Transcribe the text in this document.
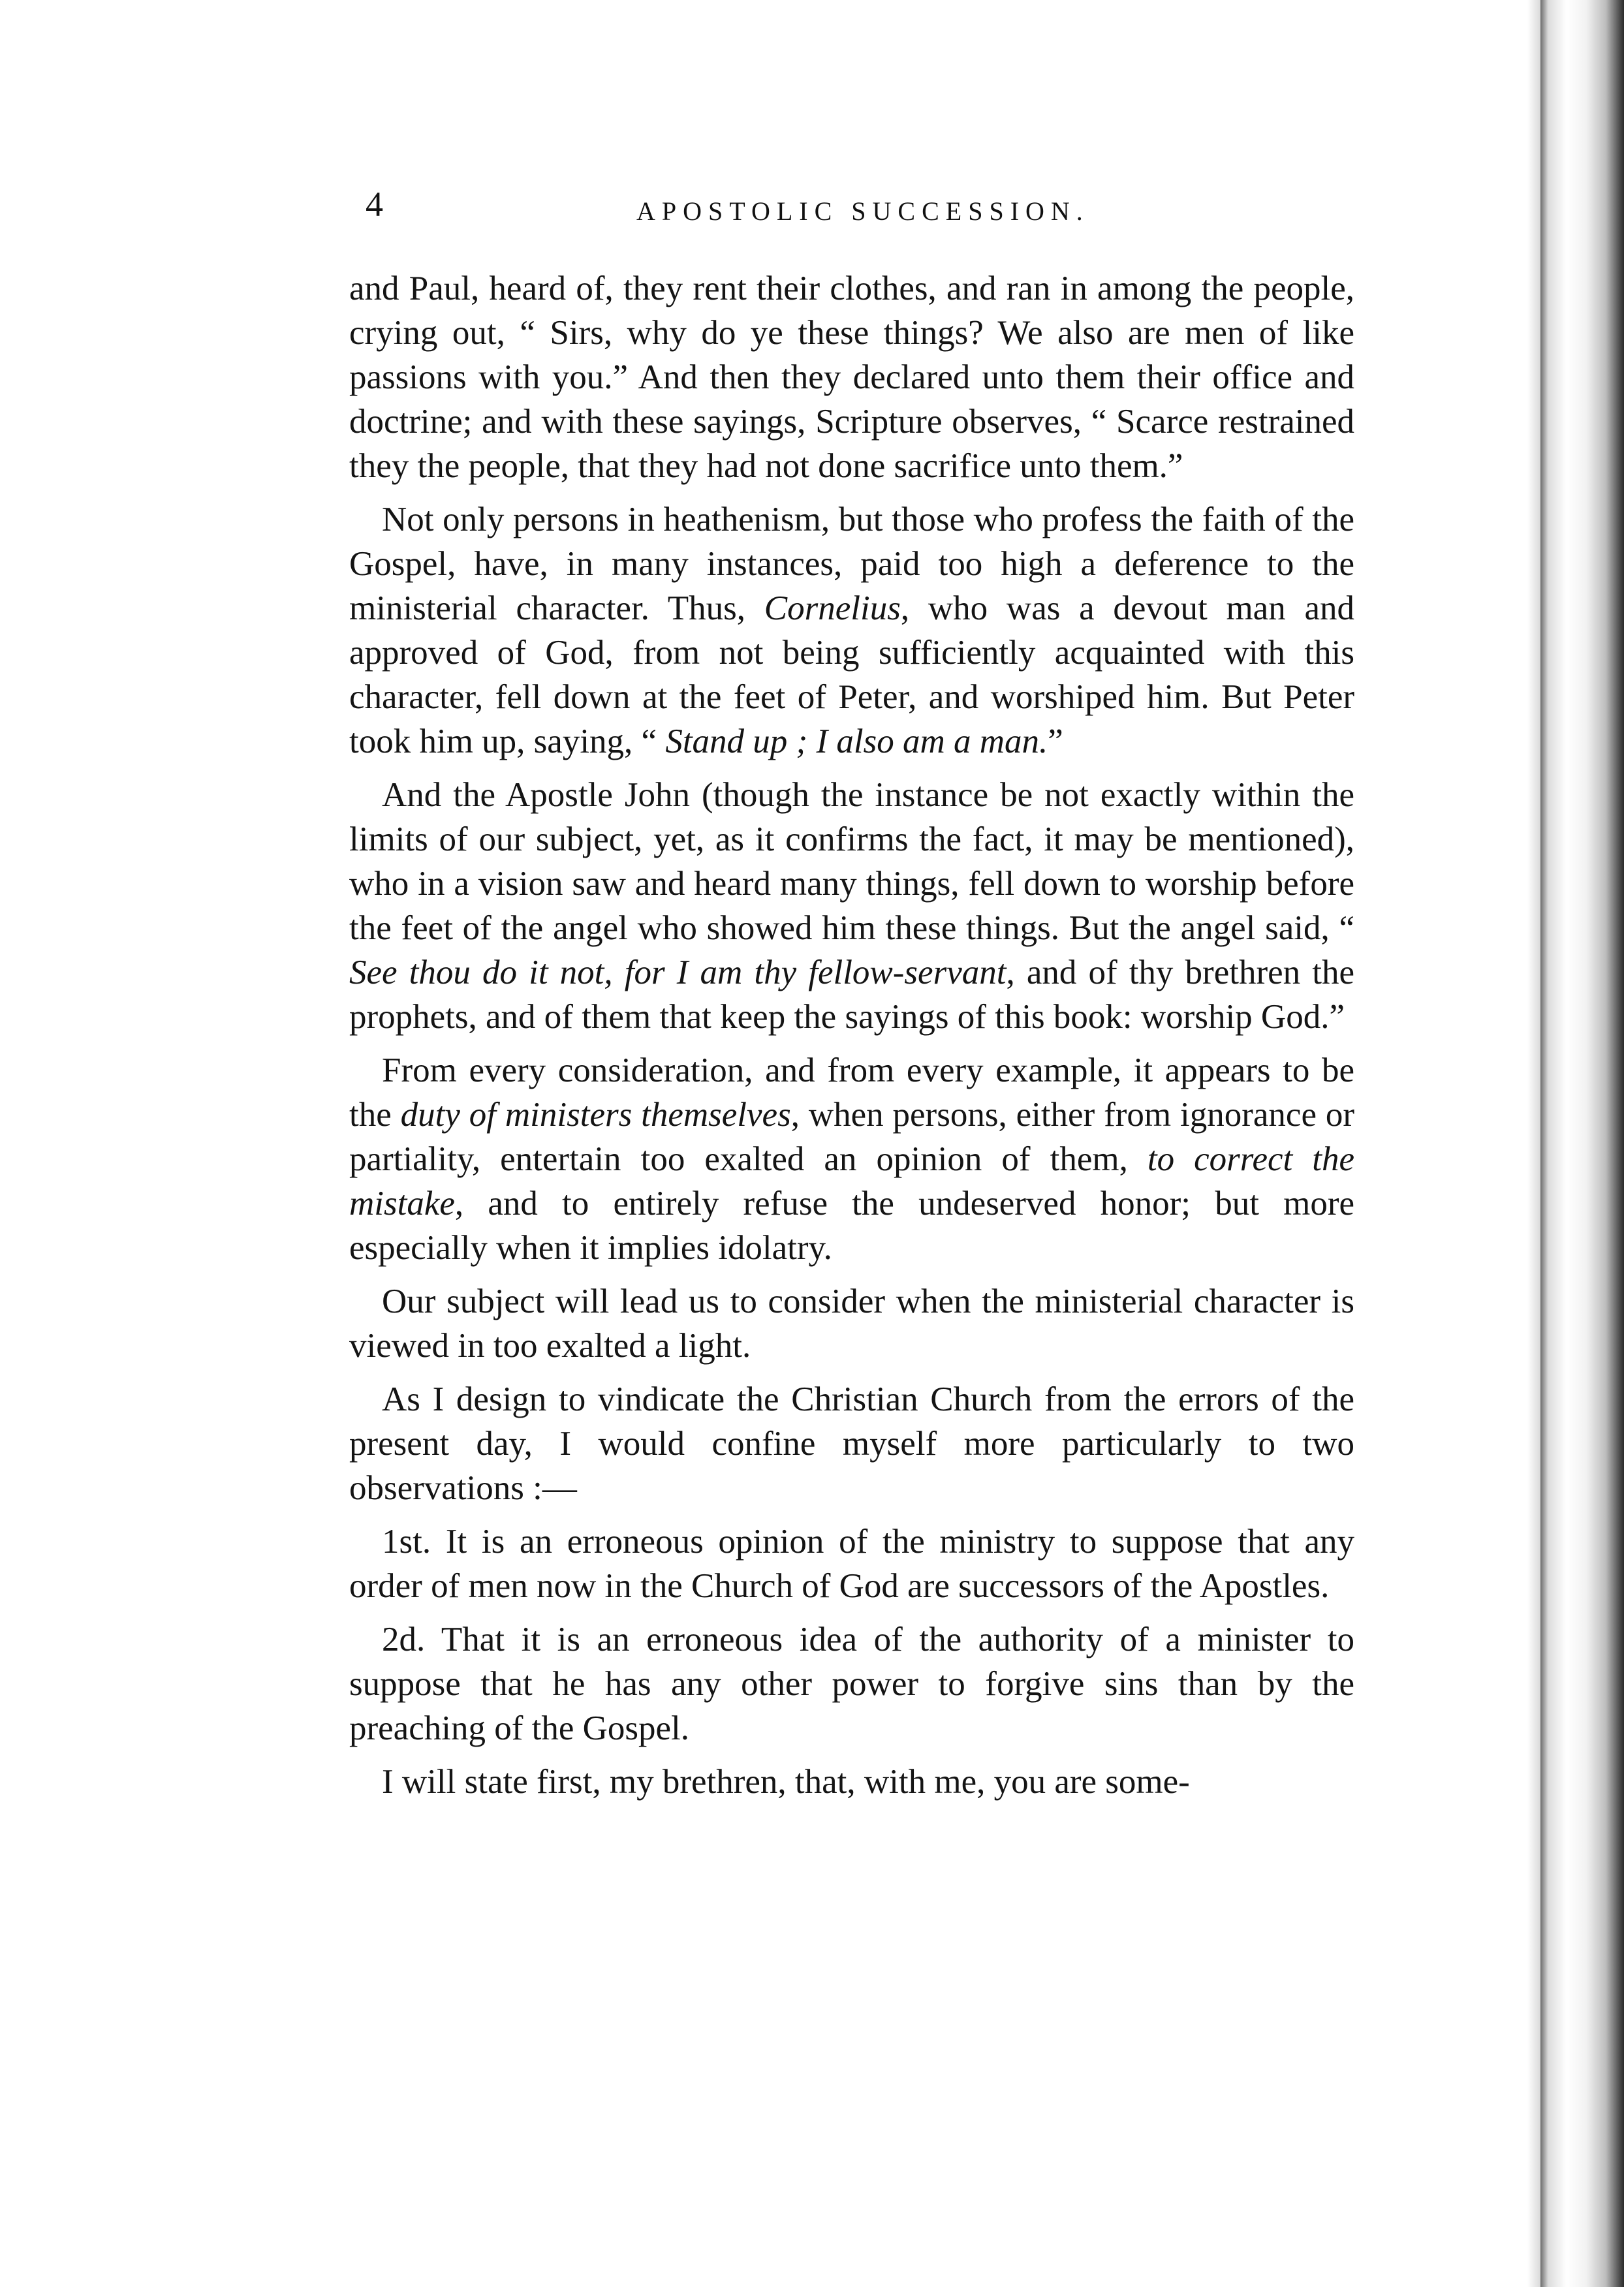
4	APOSTOLIC SUCCESSION.

and Paul, heard of, they rent their clothes, and ran in among the people, crying out, “ Sirs, why do ye these things? We also are men of like passions with you.” And then they declared unto them their office and doctrine; and with these sayings, Scripture observes, “ Scarce restrained they the people, that they had not done sacrifice unto them.”

Not only persons in heathenism, but those who profess the faith of the Gospel, have, in many instances, paid too high a deference to the ministerial character. Thus, Cornelius, who was a devout man and approved of God, from not being sufficiently acquainted with this character, fell down at the feet of Peter, and worshiped him. But Peter took him up, saying, “ Stand up ; I also am a man.”

And the Apostle John (though the instance be not exactly within the limits of our subject, yet, as it confirms the fact, it may be mentioned), who in a vision saw and heard many things, fell down to worship before the feet of the angel who showed him these things. But the angel said, “ See thou do it not, for I am thy fellow-servant, and of thy brethren the prophets, and of them that keep the sayings of this book: worship God.”

From every consideration, and from every example, it appears to be the duty of ministers themselves, when persons, either from ignorance or partiality, entertain too exalted an opinion of them, to correct the mistake, and to entirely refuse the undeserved honor; but more especially when it implies idolatry.

Our subject will lead us to consider when the ministerial character is viewed in too exalted a light.

As I design to vindicate the Christian Church from the errors of the present day, I would confine myself more particularly to two observations :—

1st. It is an erroneous opinion of the ministry to suppose that any order of men now in the Church of God are successors of the Apostles.

2d. That it is an erroneous idea of the authority of a minister to suppose that he has any other power to forgive sins than by the preaching of the Gospel.

I will state first, my brethren, that, with me, you are some-
